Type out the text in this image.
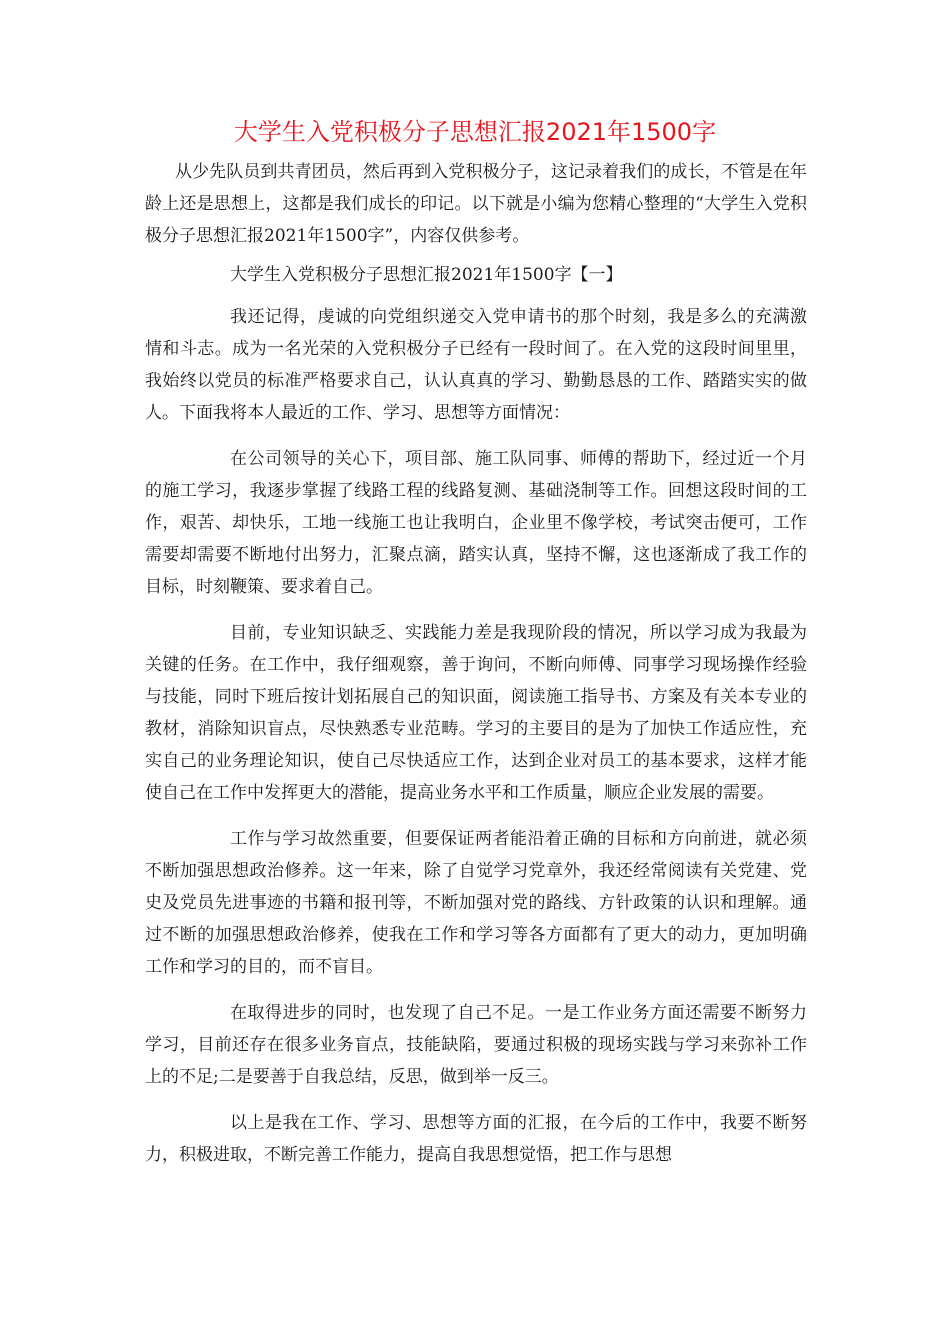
大学生入党积极分子思想汇报2021年1500字

从少先队员到共青团员，然后再到入党积极分子，这记录着我们的成长，不管是在年龄上还是思想上，这都是我们成长的印记。以下就是小编为您精心整理的“大学生入党积极分子思想汇报2021年1500字”，内容仅供参考。

大学生入党积极分子思想汇报2021年1500字【一】

我还记得，虔诚的向党组织递交入党申请书的那个时刻，我是多么的充满激情和斗志。成为一名光荣的入党积极分子已经有一段时间了。在入党的这段时间里里，我始终以党员的标准严格要求自己，认认真真的学习、勤勤恳恳的工作、踏踏实实的做人。下面我将本人最近的工作、学习、思想等方面情况：

在公司领导的关心下，项目部、施工队同事、师傅的帮助下，经过近一个月的施工学习，我逐步掌握了线路工程的线路复测、基础浇制等工作。回想这段时间的工作，艰苦、却快乐，工地一线施工也让我明白，企业里不像学校，考试突击便可，工作需要却需要不断地付出努力，汇聚点滴，踏实认真，坚持不懈，这也逐渐成了我工作的目标，时刻鞭策、要求着自己。

目前，专业知识缺乏、实践能力差是我现阶段的情况，所以学习成为我最为关键的任务。在工作中，我仔细观察，善于询问，不断向师傅、同事学习现场操作经验与技能，同时下班后按计划拓展自己的知识面，阅读施工指导书、方案及有关本专业的教材，消除知识盲点，尽快熟悉专业范畴。学习的主要目的是为了加快工作适应性，充实自己的业务理论知识，使自己尽快适应工作，达到企业对员工的基本要求，这样才能使自己在工作中发挥更大的潜能，提高业务水平和工作质量，顺应企业发展的需要。

工作与学习故然重要，但要保证两者能沿着正确的目标和方向前进，就必须不断加强思想政治修养。这一年来，除了自觉学习党章外，我还经常阅读有关党建、党史及党员先进事迹的书籍和报刊等，不断加强对党的路线、方针政策的认识和理解。通过不断的加强思想政治修养，使我在工作和学习等各方面都有了更大的动力，更加明确工作和学习的目的，而不盲目。

在取得进步的同时，也发现了自己不足。一是工作业务方面还需要不断努力学习，目前还存在很多业务盲点，技能缺陷，要通过积极的现场实践与学习来弥补工作上的不足;二是要善于自我总结，反思，做到举一反三。

以上是我在工作、学习、思想等方面的汇报，在今后的工作中，我要不断努力，积极进取，不断完善工作能力，提高自我思想觉悟，把工作与思想
